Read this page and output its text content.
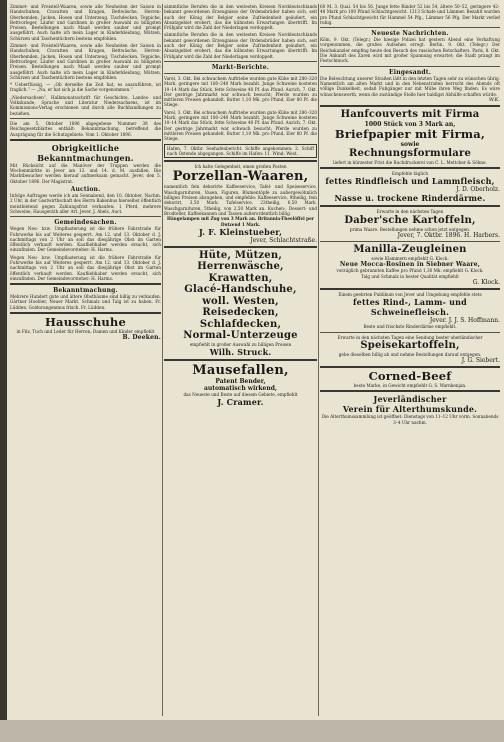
Zimmet- und Freistell-Waaren, sowie alle Neuheiten der Saison in Handschuhen, Cravatten und Kragen, Bettwäsche, Herren-Oberhemden, Jacken, Hosen und Unterzeug, Tischdecken, Teppiche, Bettvorleger, Läufer und Gardinen in großer Auswahl zu billigsten Preisen. Bestellungen nach Maaß werden sauber und prompt ausgeführt. Auch halte ich mein Lager in Kinderkleidung, Mützen, Schürzen und Taschentüchern bestens empfohlen.

Zimmet- und Freistell-Waaren, sowie alle Neuheiten der Saison in Handschuhen, Cravatten und Kragen, Bettwäsche, Herren-Oberhemden, Jacken, Hosen und Unterzeug, Tischdecken, Teppiche, Bettvorleger, Läufer und Gardinen in großer Auswahl zu billigsten Preisen. Bestellungen nach Maaß werden sauber und prompt ausgeführt. Auch halte ich mein Lager in Kinderkleidung, Mützen, Schürzen und Taschentüchern bestens empfohlen.

* Ueberflüssig. — „Ob derselbe die Zeit hat, es auszuführen, ist fraglich.“ — „Na, er hat sich ja die Sache vorgenommen.“

„Niedersachsen“, Halbmonatsschrift für Geschichte, Landes- und Volkskunde, Sprache und Literatur Niedersachsens, ist im Kommissions-Verlag erschienen und durch alle Buchhandlungen zu beziehen.

Die am 5. Oktober 1896 abgegebene Nummer 38 des Reichsgesetzblattes enthält: Bekanntmachung, betreffend die Ausprägung für die Schutzgebiete. Vom 1. Oktober 1896.

Obrigkeitliche Bekanntmachungen.

Mit Rücksicht auf die Manöver der Truppen werden die Wochenmärkte in Jever am 13. und 14. d. M. ausfallen. Die Marktbesucher werden hierauf aufmerksam gemacht. Jever, den 5. Oktober 1896. Der Magistrat.

Auction.

Infolge Auftrages werde ich am Sonnabend, den 10. Oktober, Nachm. 2 Uhr, in der Gastwirthschaft des Herrn Bakenhus hierselbst öffentlich meistbietend gegen Zahlungsfrist verkaufen: 1 Pferd, mehrere Schweine, Hausgeräth aller Art. Jever. J. Abels, Auct.

Gemeindesachen.

Wegen Neu- bzw. Umpflasterung ist die frühere Fahrstraße für Fuhrwerke bis auf Weiteres gesperrt. Am 12. und 13. Oktober d. J. nachmittags von 2 Uhr an soll das diesjährige Obst im Garten öffentlich verkauft werden. Kaufliebhaber werden ersucht, sich einzufinden. Der Gemeindevorsteher: H. Harms.

Wegen Neu- bzw. Umpflasterung ist die frühere Fahrstraße für Fuhrwerke bis auf Weiteres gesperrt. Am 12. und 13. Oktober d. J. nachmittags von 2 Uhr an soll das diesjährige Obst im Garten öffentlich verkauft werden. Kaufliebhaber werden ersucht, sich einzufinden. Der Gemeindevorsteher: H. Harms.

Bekanntmachung.

Mehrere Hundert gute und ältere Obstbäume sind billig zu verkaufen. Gärtner Hoebler, Neuer Markt. Schmalz und Talg ist zu haben. Fr. Lüdden. Goldorangenmus frisch. Fr. Lüdden.

Hausschuhe

in Filz, Tuch und Leder für Herren, Damen und Kinder empfiehlt

B. Deeken.

sämmtliche Berufen die in den weitesten Kreisen Norddeutschlands bekannt gewordenen Erzeugnisse der Ordensbrüder haben sich, seit auch der König der Belgier seine Zufriedenheit geäußert, ein Absatzgebiet erobert, das die kühnsten Erwartungen übertrifft. Im Frühjahr wird die Zahl der Niederlagen verdoppelt.

sämmtliche Berufen die in den weitesten Kreisen Norddeutschlands bekannt gewordenen Erzeugnisse der Ordensbrüder haben sich, seit auch der König der Belgier seine Zufriedenheit geäußert, ein Absatzgebiet erobert, das die kühnsten Erwartungen übertrifft. Im Frühjahr wird die Zahl der Niederlagen verdoppelt.

Markt-Berichte.

Varel, 3. Okt. Bei schwachem Auftriebe wurden gute Kühe mit 280–320 Mark, geringere mit 180–240 Mark bezahlt. Junge Schweine kosteten 10–14 Mark das Stück, fette Schweine 40 Pf. das Pfund. Aurich, 7. Okt. Der gestrige Jahrmarkt war schwach besucht; Pferde wurden zu mittleren Preisen gehandelt. Butter 1,10 Mk. pro Pfund, Eier 80 Pf. die Stiege.

Varel, 3. Okt. Bei schwachem Auftriebe wurden gute Kühe mit 280–320 Mark, geringere mit 180–240 Mark bezahlt. Junge Schweine kosteten 10–14 Mark das Stück, fette Schweine 40 Pf. das Pfund. Aurich, 7. Okt. Der gestrige Jahrmarkt war schwach besucht; Pferde wurden zu mittleren Preisen gehandelt. Butter 1,10 Mk. pro Pfund, Eier 80 Pf. die Stiege.

Hafen, 7. Oktbr. Seehafenbericht. Schiffe angekommen: 2. Schiff nach Ostende abgegangen. Schiffe im Hafen: 11. Wind: West.

Ich halte Gelegenheit, einen großen Posten

Porzellan-Waaren,

namentlich fein dekorirte Kaffeeservice, Tafel- und Speiseservice, Waschgarnituren, Vasen, Figuren, Blumentöpfe zu außergewöhnlich billigen Preisen abzugeben, und empfehle: Kaffeeservice, 9theilig, fein dekorirt, 3,50 Mark. Tafelservice, 23theilig, 6,50 Mark. Waschgarnituren, 5theilig, von 2,50 Mark an. Kuchen-, Dessert- und Brodteller, Kaffeekannen und Tassen außerordentlich billig.

Hängelampen mit Zug von 3 Mark an. Britannia-Theelöffel per Dutzend 1 Mark.

J. F. Kleinstueber,

Jever, Schlachtstraße.

Hüte, Mützen,

Herrenwäsche,

Krawatten,

Glacé-Handschuhe,

woll. Westen,

Reisedecken,

Schlafdecken,

Normal-Unterzeuge

empfiehlt in großer Auswahl zu billigen Preisen

Wilh. Struck.

Mausefallen,

Patent Bender,

automatisch wirkend,

das Neueste und Beste auf diesem Gebiete, empfiehlt

J. Cramer.

60 M. 3. Qual. 54 bis 56. Junge fette Rinder 52 bis 54, ältere 50–52, geringere 42–48 Mark pro 100 Pfund Schlachtgewicht. 1213 Schafe und Lämmer. Bezahlt wurden pro Pfund Schlachtgewicht für Hammel 54 Pfg., Lämmer 56 Pfg. Der Markt verlief ruhig.

Neueste Nachrichten.

Köln, 9. Okt. (Telegr.) Die hiesige Polizei hat gestern Abend eine Verhaftung vorgenommen, die großes Aufsehen erregt. Berlin, 9. Okt. (Telegr.) Der Reichskanzler empfing heute den Besuch des russischen Botschafters. Paris, 8. Okt. Die Ankunft des Zaren wird mit großer Spannung erwartet; die Stadt prangt im Festschmuck.

Eingesandt.

Die Beleuchtung unserer Straßen läßt in den letzten Tagen sehr zu wünschen übrig. Namentlich am alten Markt und in den Nebenstraßen herrscht des Abends oft völlige Dunkelheit, sodaß Fußgänger nur mit Mühe ihren Weg finden. Es wäre wünschenswerth, wenn die zuständige Stelle hier baldigst Abhülfe schaffen würde.

W.K.

Hanfcouverts mit Firma

1000 Stück von 3 Mark an,

Briefpapier mit Firma,

sowie

Rechnungsformulare

liefert in kürzester Frist die Buchdruckerei von C. L. Mettcker & Söhne.

Empfehle täglich

fettes Rindfleisch und Lammfleisch,

J. D. Oberholz.

Nasse u. trockene Rinderdärme.

Erwarte in den nächsten Tagen

Daber'sche Kartoffeln,

prima Waare. Bestellungen nehme schon jetzt entgegen.

Jever, 7. Oktbr. 1896. H. Harbers.

Manilla-Zeugleinen

sowie Klammern empfiehlt G. Klock.

Neue Mocca-Rosinen in Siebner Waare,

vorzüglich gebrannten Kaffee pro Pfund 1,30 Mk. empfiehlt G. Klock.

Talg und Schmalz in bester Qualität empfiehlt

G. Klock.

Einem geehrten Publikum von Jever und Umgebung empfehle stets

fettes Rind-, Lamm- und Schweinefleisch.

Jever. J. J. S. Hoffmann.

Beste und frischste Rinderdärme empfiehlt.

Erwarte in den nächsten Tagen eine Sendung bester oberländischer

Speisekartoffeln,

gebe dieselben billig ab und nehme Bestellungen darauf entgegen.

J. G. Siebert.

Corned-Beef

beste Marke, in Gewicht empfiehlt G. S. Warnkenjan.

Jeverländischer

Verein für Alterthumskunde.

Die Alterthumssammlung ist geöffnet: Dienstags von 11–12 Uhr vorm. Sonnabends 3–4 Uhr nachm.
